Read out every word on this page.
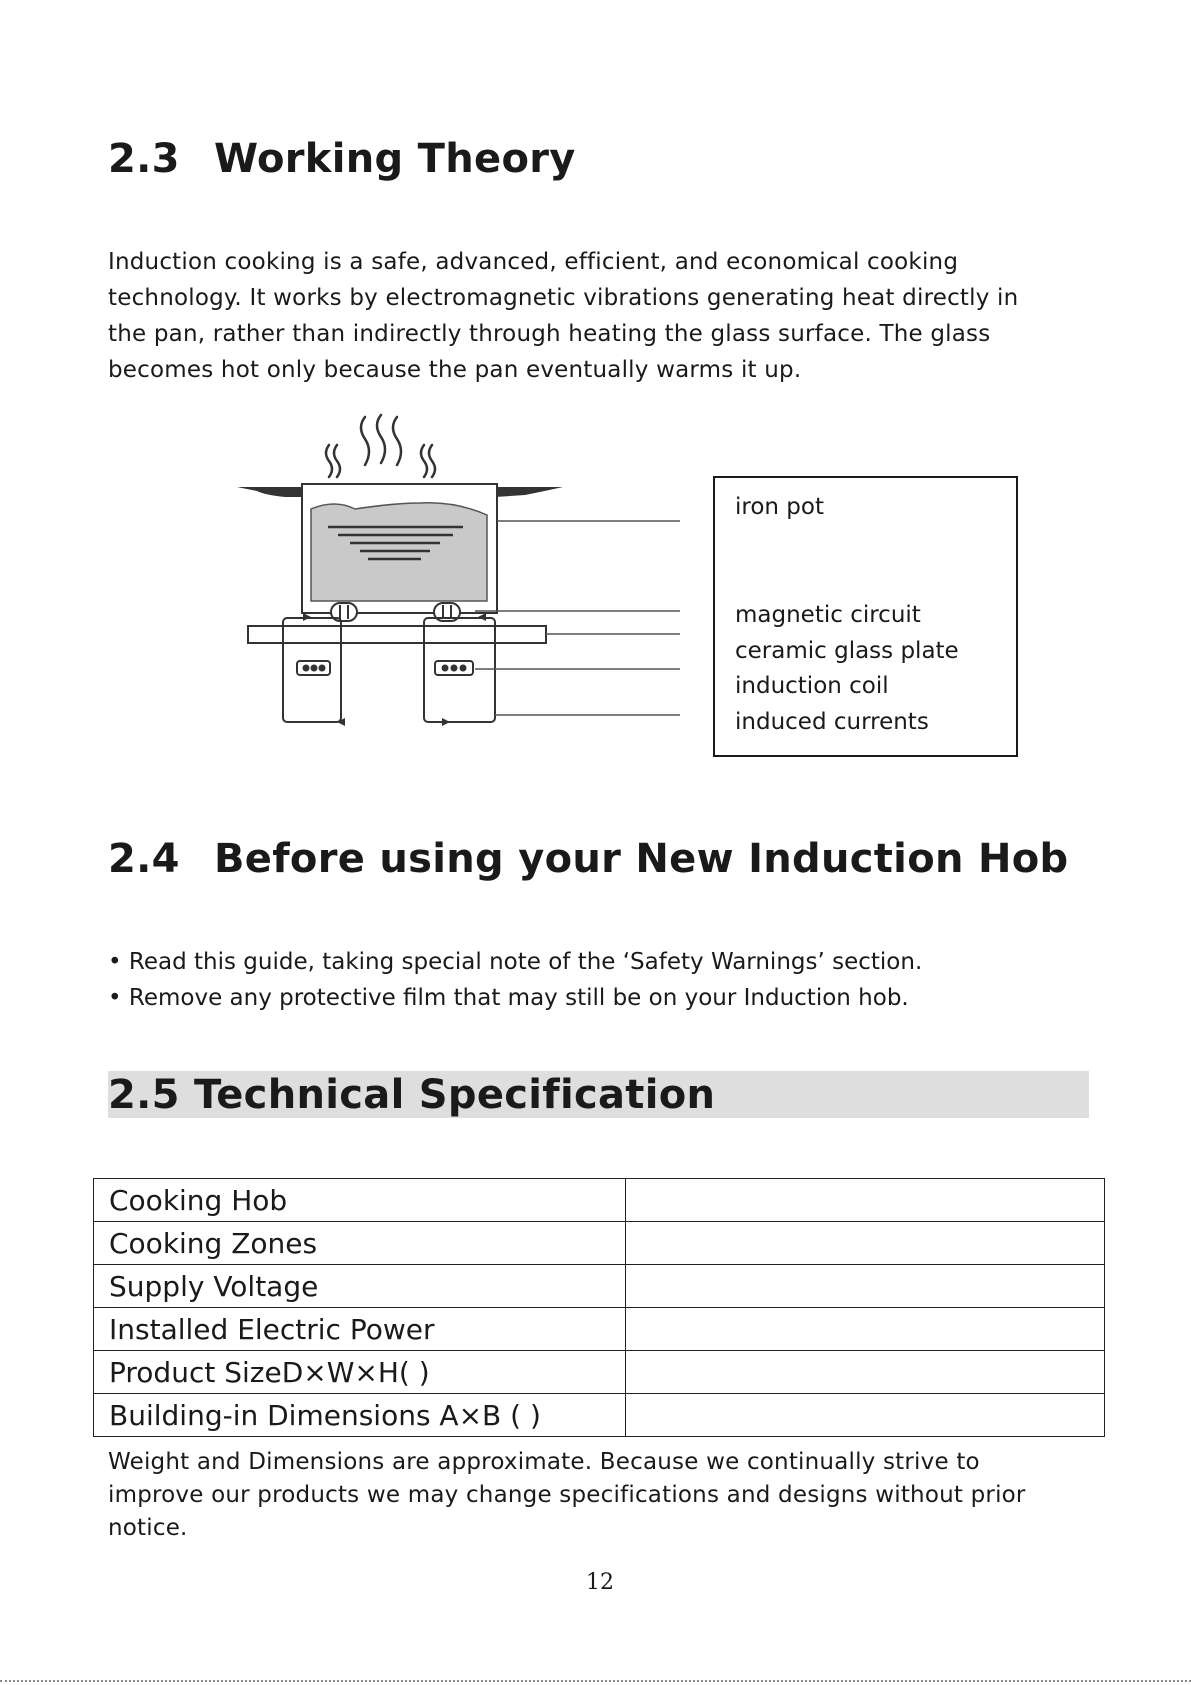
2.3 Working Theory

Induction cooking is a safe, advanced, efficient, and economical cooking

technology. It works by electromagnetic vibrations generating heat directly in

the pan, rather than indirectly through heating the glass surface. The glass

becomes hot only because the pan eventually warms it up.

iron pot
magnetic circuit
ceramic glass plate
induction coil
induced currents
2.4 Before using your New Induction Hob
• Read this guide, taking special note of the ‘Safety Warnings’ section.
• Remove any protective film that may still be on your Induction hob.
2.5 Technical Specification
Cooking Hob	
Cooking Zones	
Supply Voltage	
Installed Electric Power	
Product SizeD×W×H( )	
Building-in Dimensions A×B ( )	
Weight and Dimensions are approximate. Because we continually strive to
improve our products we may change specifications and designs without prior
notice.
12
